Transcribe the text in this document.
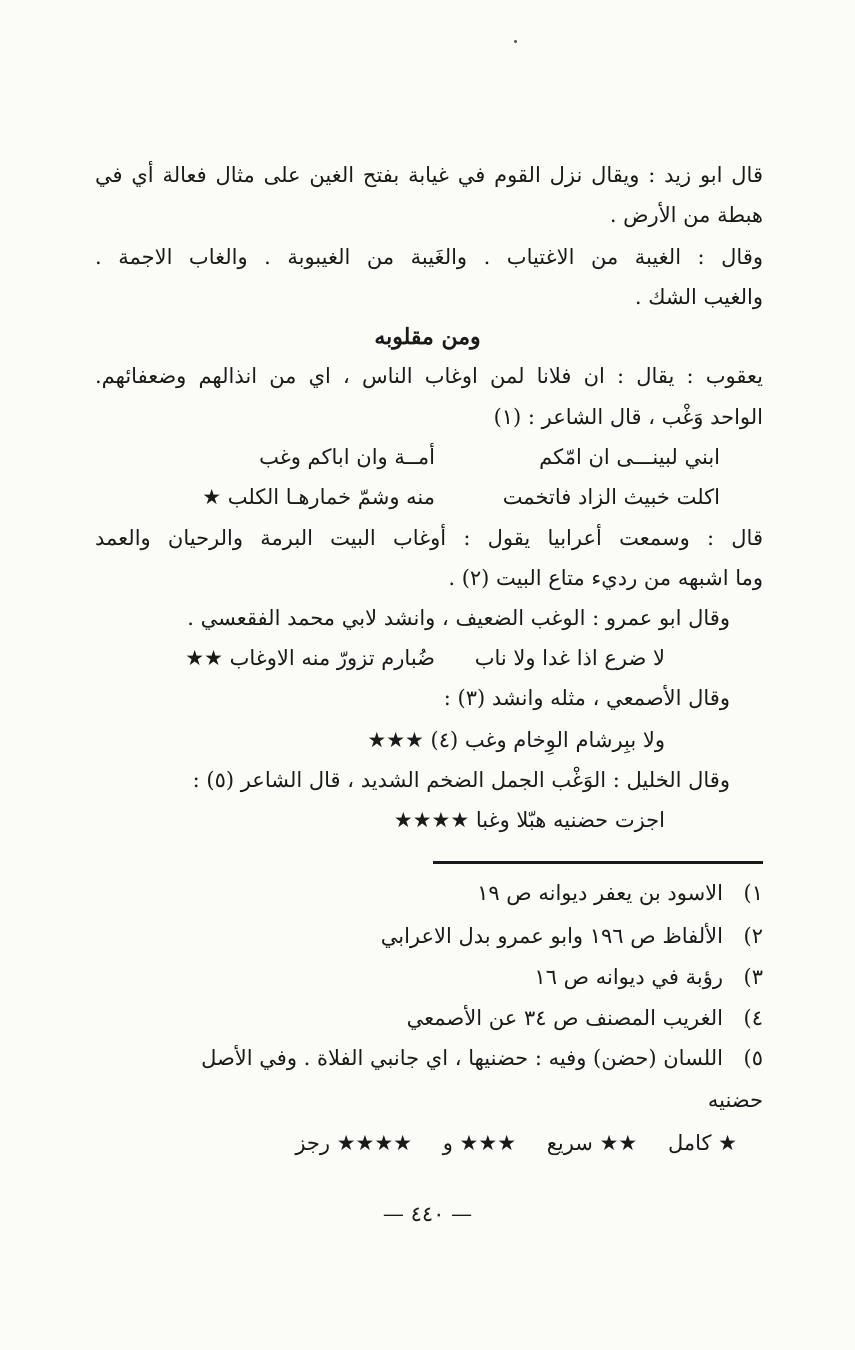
قال ابو زيد : ويقال نزل القوم في غيابة بفتح الغين على مثال فعالة أي في
هبطة من الأرض .
وقال : الغيبة من الاغتياب . والغَيبة من الغيبوبة . والغاب الاجمة .
والغيب الشك .
ومن مقلوبه
يعقوب : يقال : ان فلانا لمن اوغاب الناس ، اي من انذالهم وضعفائهم.
الواحد وَغْب ، قال الشاعر : (١)
ابني لبينـــى ان امّكم
أمــة وان اباكم وغب
اكلت خبيث الزاد فاتخمت
منه وشمّ خمارهـا الكلب ★
قال : وسمعت أعرابيا يقول : أوغاب البيت البرمة والرحيان والعمد
وما اشبهه من رديء متاع البيت (٢) .
وقال ابو عمرو : الوغب الضعيف ، وانشد لابي محمد الفقعسي .
لا ضرع اذا غدا ولا ناب
ضُبارم تزورّ منه الاوغاب ★★
وقال الأصمعي ، مثله وانشد (٣) :
ولا ببِرشام الوِخام وغب (٤) ★★★
وقال الخليل : الوَغْب الجمل الضخم الشديد ، قال الشاعر (٥) :
اجزت حضنيه هبّلا وغبا ★★★★
١)الاسود بن يعفر ديوانه ص ١٩
٢)الألفاظ ص ١٩٦ وابو عمرو بدل الاعرابي
٣)رؤبة في ديوانه ص ١٦
٤)الغريب المصنف ص ٣٤ عن الأصمعي
٥)اللسان (حضن) وفيه : حضنيها ، اي جانبي الفلاة . وفي الأصل
حضنيه
★ كامل ★★ سريع ★★★ و ★★★★ رجز
— ٤٤٠ —
